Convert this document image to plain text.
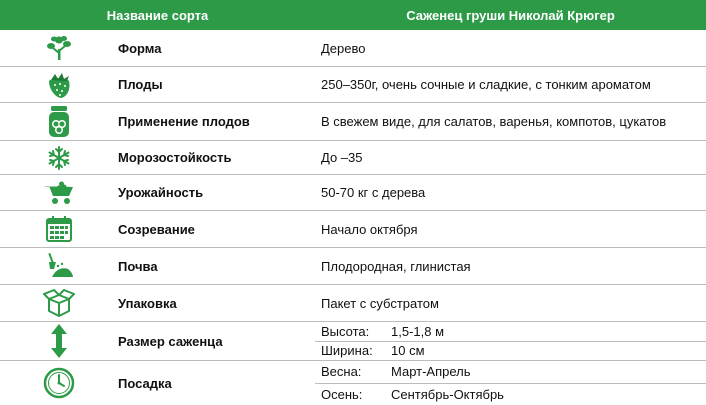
Название сорта	Саженец груши Николай Крюгер
Форма	Дерево
Плоды	250–350г, очень сочные и сладкие, с тонким ароматом
Применение плодов	В свежем виде, для салатов, варенья, компотов, цукатов
Морозостойкость	До –35
Урожайность	50-70 кг с дерева
Созревание	Начало октября
Почва	Плодородная, глинистая
Упаковка	Пакет с субстратом
Размер саженца
Высота:	1,5-1,8 м
Ширина:	10 см
Посадка
Весна:	Март-Апрель
Осень:	Сентябрь-Октябрь
